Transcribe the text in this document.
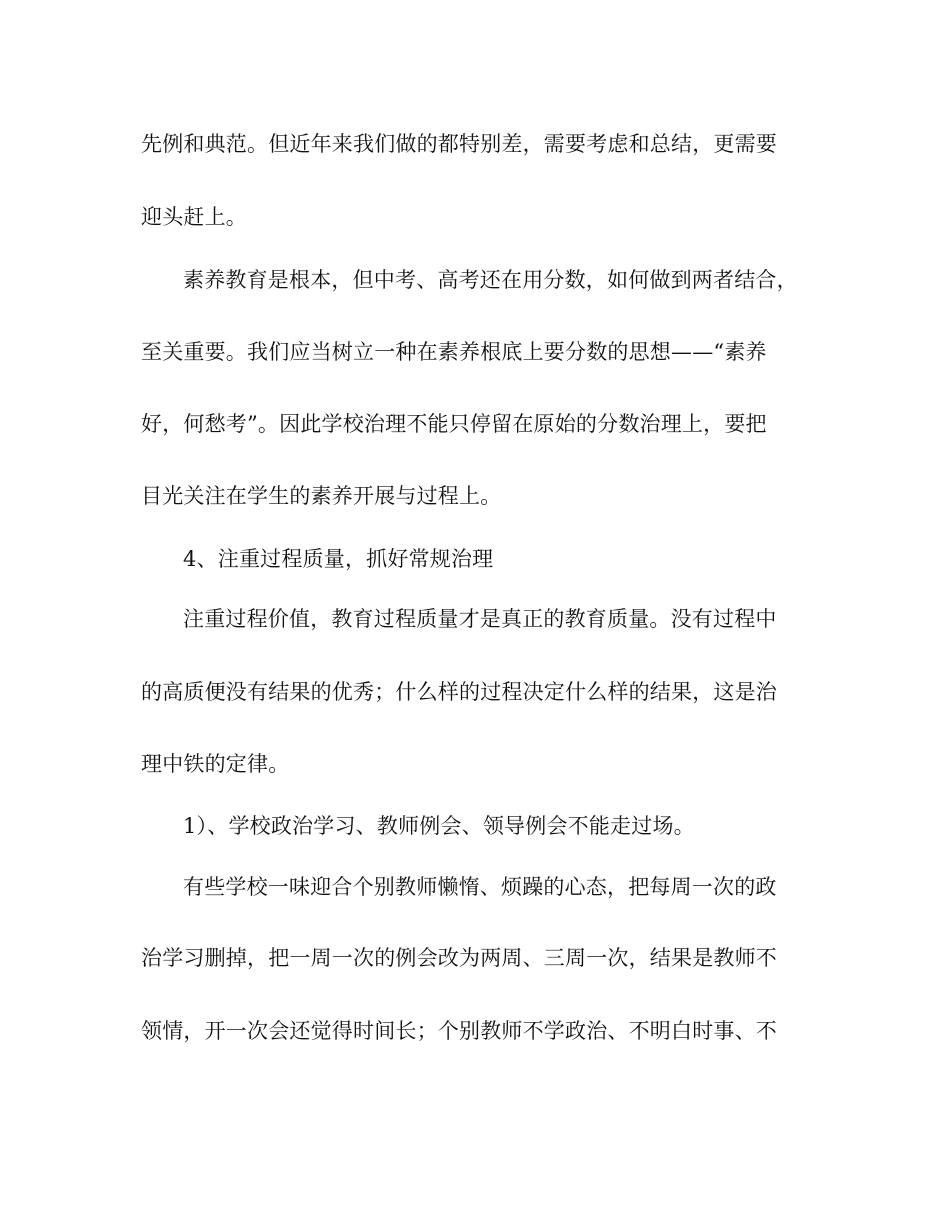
先例和典范。但近年来我们做的都特别差，需要考虑和总结，更需要

迎头赶上。

素养教育是根本，但中考、高考还在用分数，如何做到两者结合，

至关重要。我们应当树立一种在素养根底上要分数的思想——“素养

好，何愁考”。因此学校治理不能只停留在原始的分数治理上，要把

目光关注在学生的素养开展与过程上。

4、注重过程质量，抓好常规治理

注重过程价值，教育过程质量才是真正的教育质量。没有过程中

的高质便没有结果的优秀；什么样的过程决定什么样的结果，这是治

理中铁的定律。

1）、学校政治学习、教师例会、领导例会不能走过场。

有些学校一味迎合个别教师懒惰、烦躁的心态，把每周一次的政

治学习删掉，把一周一次的例会改为两周、三周一次，结果是教师不

领情，开一次会还觉得时间长；个别教师不学政治、不明白时事、不
